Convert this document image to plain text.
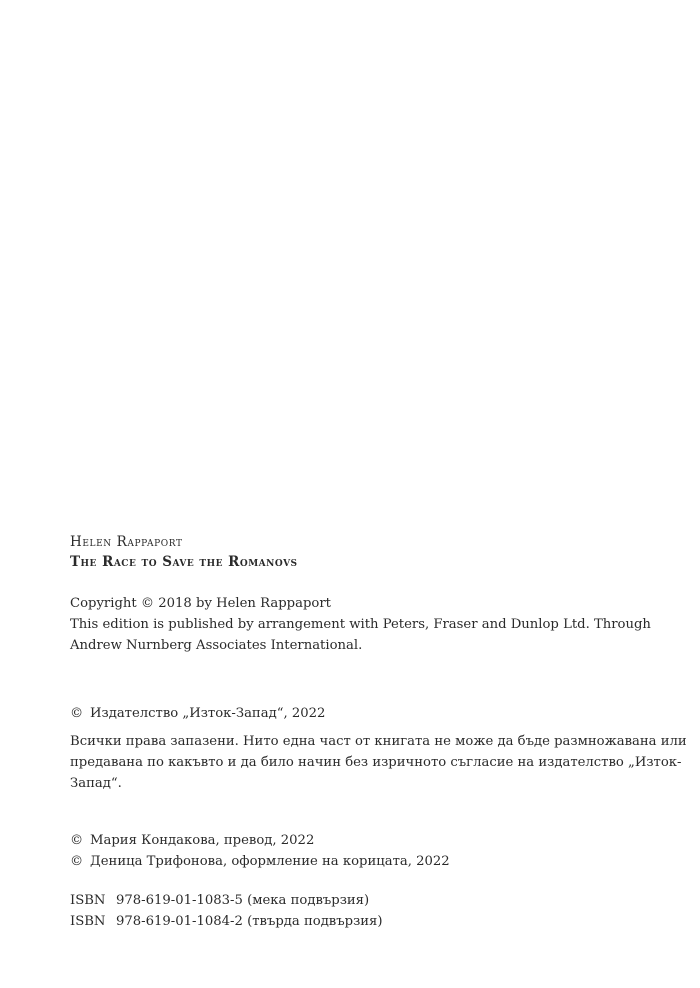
Helen Rappaport
The Race to Save the Romanovs
Copyright © 2018 by Helen Rappaport
This edition is published by arrangement with Peters, Fraser and Dunlop Ltd. Through
Andrew Nurnberg Associates International.
© Издателство „Изток-Запад“, 2022
Всички права запазени. Нито една част от книгата не може да бъде размножавана или
предавана по какъвто и да било начин без изричното съгласие на издателство „Изток-
Запад“.
© Мария Кондакова, превод, 2022
© Деница Трифонова, оформление на корицата, 2022
ISBN 978-619-01-1083-5 (мека подвързия)
ISBN 978-619-01-1084-2 (твърда подвързия)
